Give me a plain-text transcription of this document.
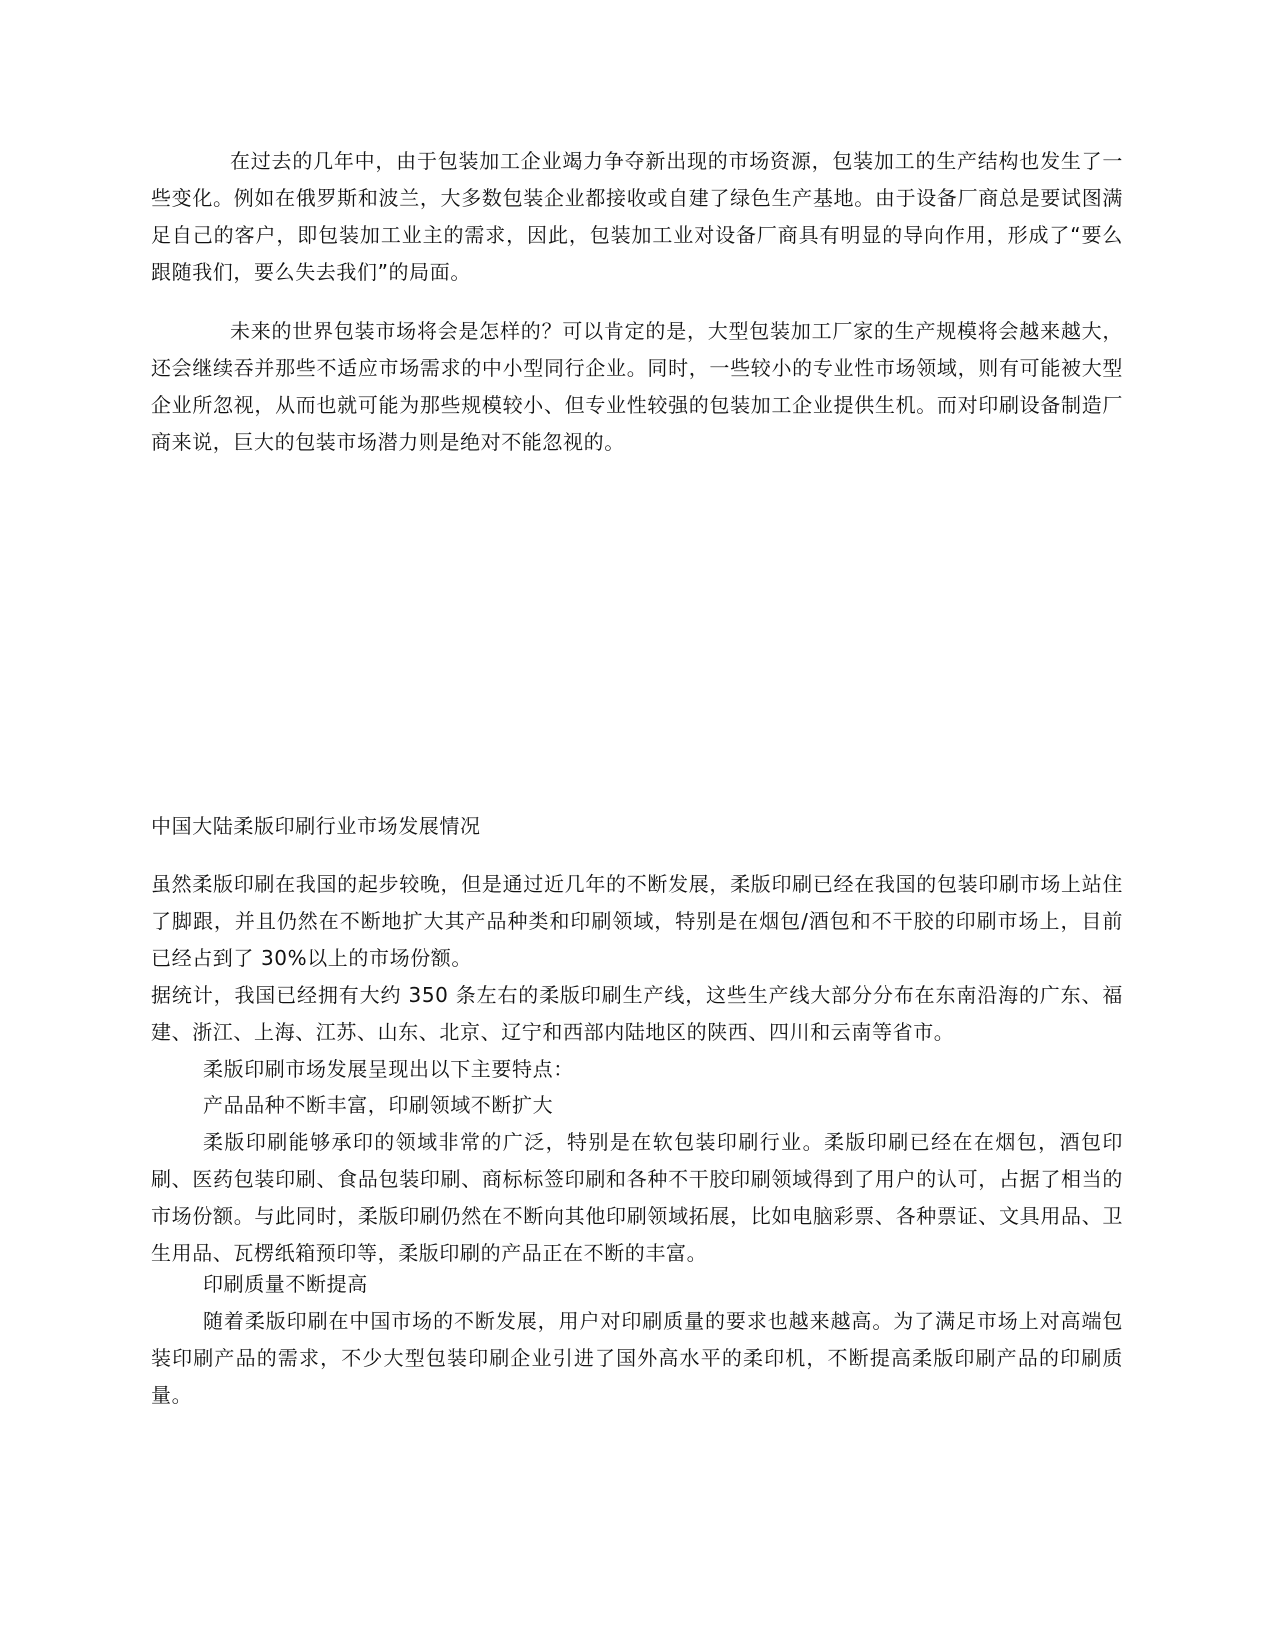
在过去的几年中，由于包装加工企业竭力争夺新出现的市场资源，包装加工的生产结构也发生了一些变化。例如在俄罗斯和波兰，大多数包装企业都接收或自建了绿色生产基地。由于设备厂商总是要试图满足自己的客户，即包装加工业主的需求，因此，包装加工业对设备厂商具有明显的导向作用，形成了“要么跟随我们，要么失去我们”的局面。

未来的世界包装市场将会是怎样的？可以肯定的是，大型包装加工厂家的生产规模将会越来越大，还会继续吞并那些不适应市场需求的中小型同行企业。同时，一些较小的专业性市场领域，则有可能被大型企业所忽视，从而也就可能为那些规模较小、但专业性较强的包装加工企业提供生机。而对印刷设备制造厂商来说，巨大的包装市场潜力则是绝对不能忽视的。

中国大陆柔版印刷行业市场发展情况

虽然柔版印刷在我国的起步较晚，但是通过近几年的不断发展，柔版印刷已经在我国的包装印刷市场上站住了脚跟，并且仍然在不断地扩大其产品种类和印刷领域，特别是在烟包/酒包和不干胶的印刷市场上，目前已经占到了 30%以上的市场份额。

据统计，我国已经拥有大约 350 条左右的柔版印刷生产线，这些生产线大部分分布在东南沿海的广东、福建、浙江、上海、江苏、山东、北京、辽宁和西部内陆地区的陕西、四川和云南等省市。

柔版印刷市场发展呈现出以下主要特点：

产品品种不断丰富，印刷领域不断扩大

柔版印刷能够承印的领域非常的广泛，特别是在软包装印刷行业。柔版印刷已经在在烟包，酒包印刷、医药包装印刷、食品包装印刷、商标标签印刷和各种不干胶印刷领域得到了用户的认可，占据了相当的市场份额。与此同时，柔版印刷仍然在不断向其他印刷领域拓展，比如电脑彩票、各种票证、文具用品、卫生用品、瓦楞纸箱预印等，柔版印刷的产品正在不断的丰富。

印刷质量不断提高

随着柔版印刷在中国市场的不断发展，用户对印刷质量的要求也越来越高。为了满足市场上对高端包装印刷产品的需求，不少大型包装印刷企业引进了国外高水平的柔印机，不断提高柔版印刷产品的印刷质量。
